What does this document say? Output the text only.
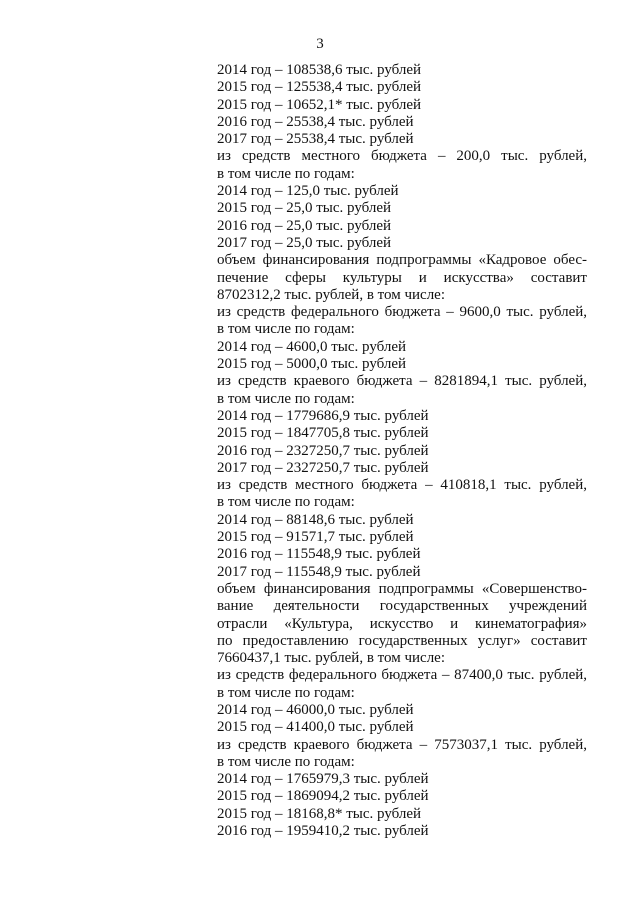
3
2014 год – 108538,6 тыс. рублей
2015 год – 125538,4 тыс. рублей
2015 год – 10652,1* тыс. рублей
2016 год – 25538,4 тыс. рублей
2017 год – 25538,4 тыс. рублей
из средств местного бюджета – 200,0 тыс. рублей,
в том числе по годам:
2014 год – 125,0 тыс. рублей
2015 год – 25,0 тыс. рублей
2016 год – 25,0 тыс. рублей
2017 год – 25,0 тыс. рублей
объем финансирования подпрограммы «Кадровое обес-
печение сферы культуры и искусства» составит
8702312,2 тыс. рублей, в том числе:
из средств федерального бюджета – 9600,0 тыс. рублей,
в том числе по годам:
2014 год – 4600,0 тыс. рублей
2015 год – 5000,0 тыс. рублей
из средств краевого бюджета – 8281894,1 тыс. рублей,
в том числе по годам:
2014 год – 1779686,9 тыс. рублей
2015 год – 1847705,8 тыс. рублей
2016 год – 2327250,7 тыс. рублей
2017 год – 2327250,7 тыс. рублей
из средств местного бюджета – 410818,1 тыс. рублей,
в том числе по годам:
2014 год – 88148,6 тыс. рублей
2015 год – 91571,7 тыс. рублей
2016 год – 115548,9 тыс. рублей
2017 год – 115548,9 тыс. рублей
объем финансирования подпрограммы «Совершенство-
вание деятельности государственных учреждений
отрасли «Культура, искусство и кинематография»
по предоставлению государственных услуг» составит
7660437,1 тыс. рублей, в том числе:
из средств федерального бюджета – 87400,0 тыс. рублей,
в том числе по годам:
2014 год – 46000,0 тыс. рублей
2015 год – 41400,0 тыс. рублей
из средств краевого бюджета – 7573037,1 тыс. рублей,
в том числе по годам:
2014 год – 1765979,3 тыс. рублей
2015 год – 1869094,2 тыс. рублей
2015 год – 18168,8* тыс. рублей
2016 год – 1959410,2 тыс. рублей
